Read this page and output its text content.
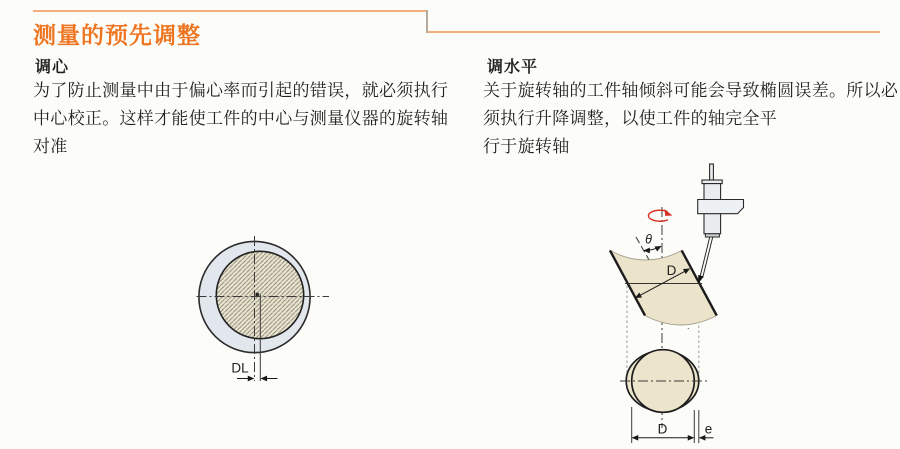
测量的预先调整
调心
为了防止测量中由于偏心率而引起的错误，就必须执行
中心校正。这样才能使工件的中心与测量仪器的旋转轴
对准
调水平
关于旋转轴的工件轴倾斜可能会导致椭圆误差。所以必
须执行升降调整，以使工件的轴完全平
行于旋转轴
DL
θ
D
D	e
